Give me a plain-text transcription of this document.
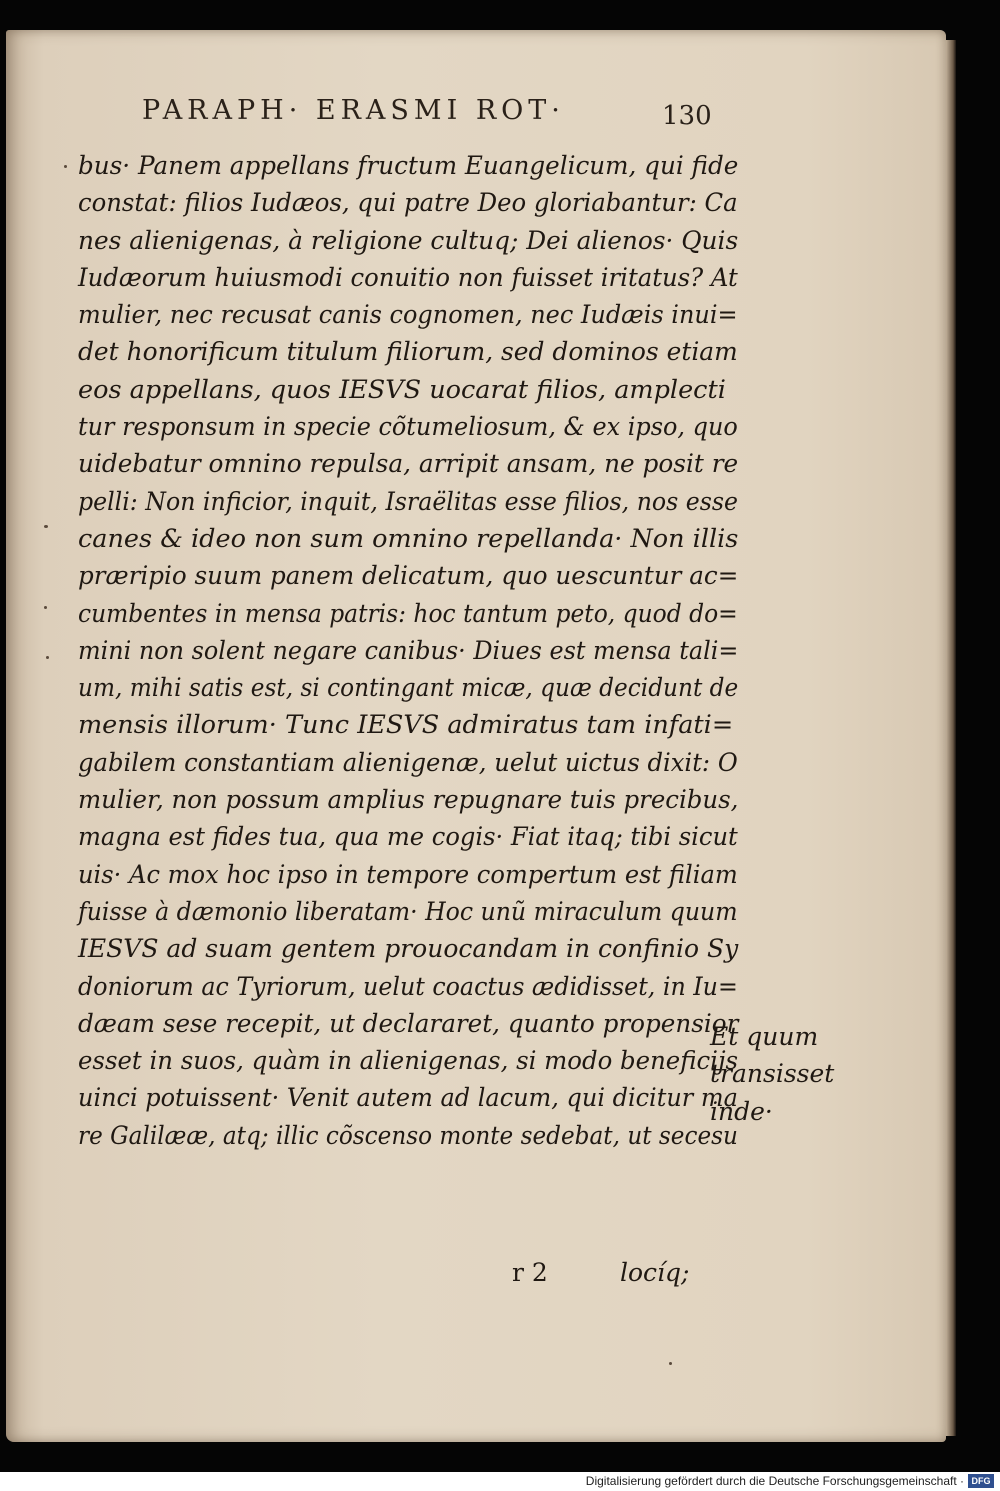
PARAPH· ERASMI ROT·	130
bus· Panem appellans fructum Euangelicum, qui fide
constat: filios Iudæos, qui patre Deo gloriabantur: Ca
nes alienigenas, à religione cultuq; Dei alienos· Quis
Iudæorum huiusmodi conuitio non fuisset iritatus? At
mulier, nec recusat canis cognomen, nec Iudæis inui=
det honorificum titulum filiorum, sed dominos etiam
eos appellans, quos IESVS uocarat filios, amplecti
tur responsum in specie cõtumeliosum, & ex ipso, quo
uidebatur omnino repulsa, arripit ansam, ne posit re
pelli: Non inficior, inquit, Israëlitas esse filios, nos esse
canes & ideo non sum omnino repellanda· Non illis
præripio suum panem delicatum, quo uescuntur ac=
cumbentes in mensa patris: hoc tantum peto, quod do=
mini non solent negare canibus· Diues est mensa tali=
um, mihi satis est, si contingant micæ, quæ decidunt de
mensis illorum· Tunc IESVS admiratus tam infati=
gabilem constantiam alienigenæ, uelut uictus dixit: O
mulier, non possum amplius repugnare tuis precibus,
magna est fides tua, qua me cogis· Fiat itaq; tibi sicut
uis· Ac mox hoc ipso in tempore compertum est filiam
fuisse à dæmonio liberatam· Hoc unũ miraculum quum
IESVS ad suam gentem prouocandam in confinio Sy
doniorum ac Tyriorum, uelut coactus ædidisset, in Iu=
dæam sese recepit, ut declararet, quanto propensior
esset in suos, quàm in alienigenas, si modo beneficijs
uinci potuissent· Venit autem ad lacum, qui dicitur ma
re Galilææ, atq; illic cõscenso monte sedebat, ut secesu
Et quum
transisset
inde·
r 2	locíq;
Digitalisierung gefördert durch die Deutsche Forschungsgemeinschaft · DFG
